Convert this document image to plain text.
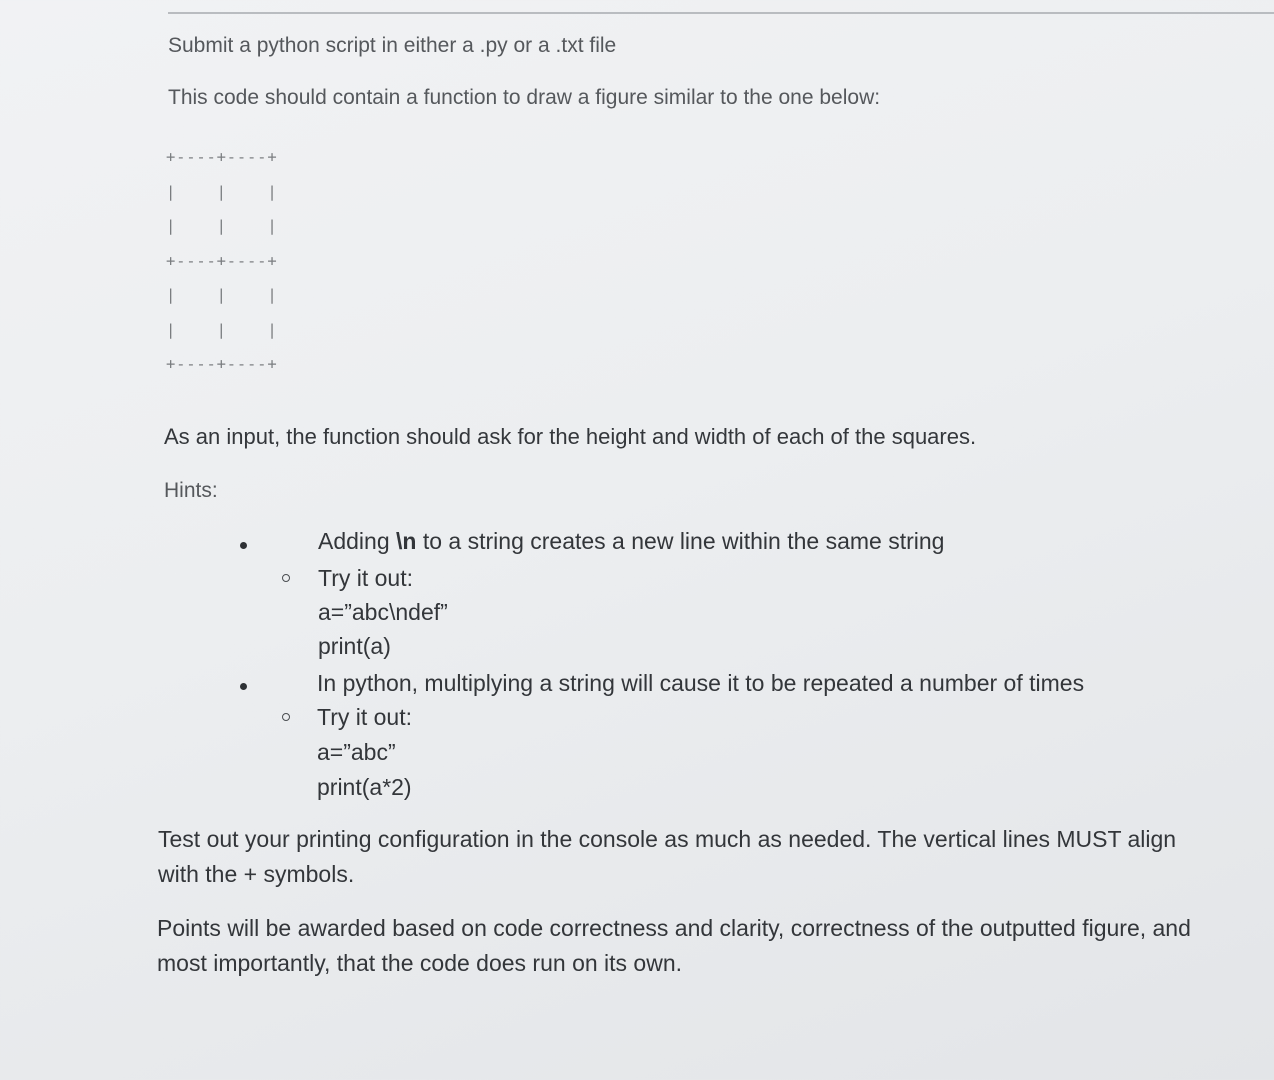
Submit a python script in either a .py or a .txt file
This code should contain a function to draw a figure similar to the one below:
+----+----+
|    |    |
|    |    |
+----+----+
|    |    |
|    |    |
+----+----+
As an input, the function should ask for the height and width of each of the squares.
Hints:
Adding \n to a string creates a new line within the same string
Try it out:
a=”abc\ndef”
print(a)
In python, multiplying a string will cause it to be repeated a number of times
Try it out:
a=”abc”
print(a*2)
Test out your printing configuration in the console as much as needed. The vertical lines MUST align with the + symbols.
Points will be awarded based on code correctness and clarity, correctness of the outputted figure, and most importantly, that the code does run on its own.
